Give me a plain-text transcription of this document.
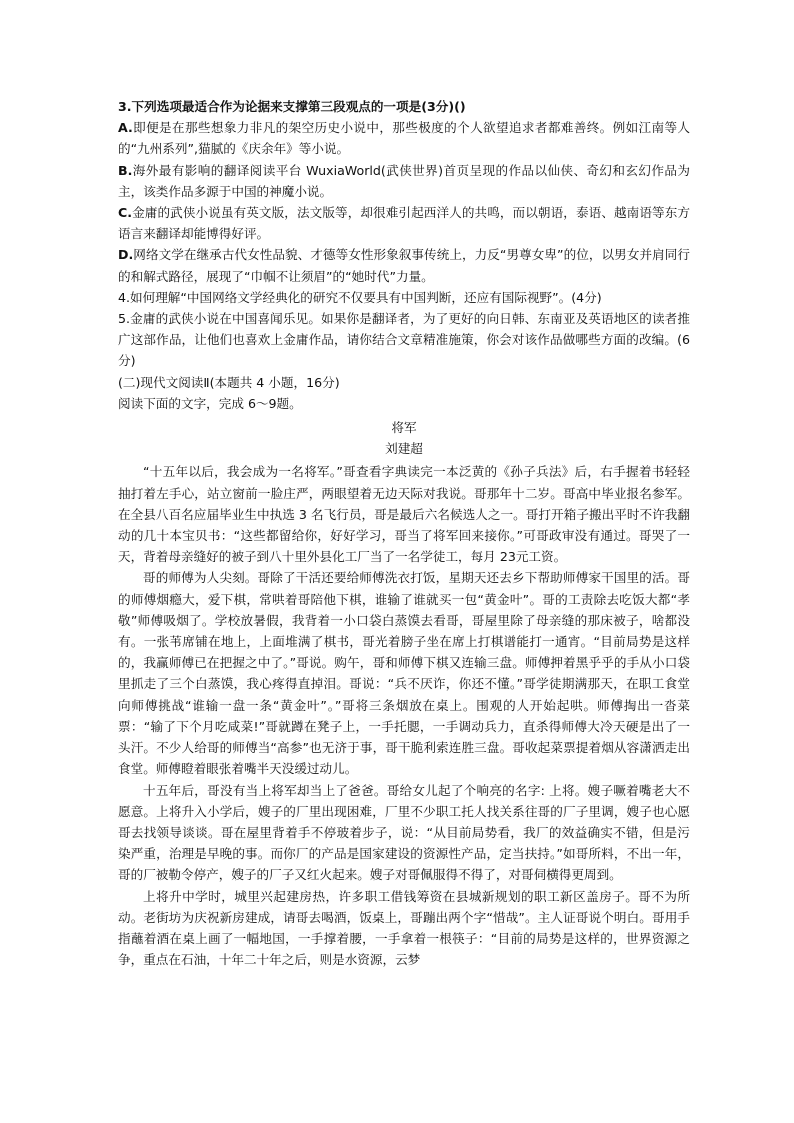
3.下列选项最适合作为论据来支撑第三段观点的一项是(3分)()

A.即便是在那些想象力非凡的架空历史小说中，那些极度的个人欲望追求者都难善终。例如江南等人的“九州系列”,猫腻的《庆余年》等小说。

B.海外最有影响的翻译阅读平台 WuxiaWorld(武侠世界)首页呈现的作品以仙侠、奇幻和玄幻作品为主，该类作品多源于中国的神魔小说。

C.金庸的武侠小说虽有英文版，法文版等，却很难引起西洋人的共鸣，而以朝语，泰语、越南语等东方语言来翻译却能博得好评。

D.网络文学在继承古代女性品貌、才德等女性形象叙事传统上，力反“男尊女卑”的位，以男女并肩同行的和解式路径，展现了“巾帼不让须眉”的“她时代”力量。

4.如何理解“中国网络文学经典化的研究不仅要具有中国判断，还应有国际视野”。(4分)

5.金庸的武侠小说在中国喜闻乐见。如果你是翻译者，为了更好的向日韩、东南亚及英语地区的读者推广这部作品，让他们也喜欢上金庸作品，请你结合文章精准施策，你会对该作品做哪些方面的改编。(6分)

(二)现代文阅读Ⅱ(本题共 4 小题，16分)

阅读下面的文字，完成 6～9题。

将军

刘建超

“十五年以后，我会成为一名将军。”哥查看字典读完一本泛黄的《孙子兵法》后，右手握着书轻轻抽打着左手心，站立窗前一脸庄严，两眼望着无边天际对我说。哥那年十二岁。哥高中毕业报名参军。在全县八百名应届毕业生中执选 3 名飞行员，哥是最后六名候选人之一。哥打开箱子搬出平时不许我翻动的几十本宝贝书：“这些都留给你，好好学习，哥当了将军回来接你。”可哥政审没有通过。哥哭了一天，背着母亲缝好的被子到八十里外县化工厂当了一名学徒工，每月 23元工资。

哥的师傅为人尖刻。哥除了干活还要给师傅洗衣打饭，星期天还去乡下帮助师傅家干国里的活。哥的师傅烟瘾大，爱下棋，常哄着哥陪他下棋，谁输了谁就买一包“黄金叶”。哥的工责除去吃饭大都“孝敬”师傅吸烟了。学校放暑假，我背着一小口袋白蒸馍去看哥，哥屋里除了母亲缝的那床被子，啥都没有。一张苇席铺在地上，上面堆满了棋书，哥光着膀子坐在席上打棋谱能打一通宵。“目前局势是这样的，我赢师傅已在把握之中了。”哥说。购午，哥和师傅下棋又连输三盘。师傅押着黑乎乎的手从小口袋里抓走了三个白蒸馍，我心疼得直掉泪。哥说：“兵不厌诈，你还不懂。”哥学徒期满那天，在职工食堂向师傅挑战“谁输一盘一条“黄金叶”。”哥将三条烟放在桌上。围观的人开始起哄。师傅掏出一沓菜票：“输了下个月吃咸菜!”哥就蹲在凳子上，一手托腮，一手调动兵力，直杀得师傅大冷天硬是出了一头汗。不少人给哥的师傅当“高参”也无济于事，哥干脆利索连胜三盘。哥收起菜票提着烟从容潇洒走出食堂。师傅瞪着眼张着嘴半天没缓过动儿。

十五年后，哥没有当上将军却当上了爸爸。哥给女儿起了个响亮的名字: 上将。嫂子噘着嘴老大不愿意。上将升入小学后，嫂子的厂里出现困难，厂里不少职工托人找关系往哥的厂子里调，嫂子也心愿哥去找领导谈谈。哥在屋里背着手不停玻着步子，说：“从目前局势看，我厂的效益确实不错，但是污染严重，治理是早晚的事。而你厂的产品是国家建设的资源性产品，定当扶持。”如哥所料，不出一年，哥的厂被勒令停产，嫂子的厂子又红火起来。嫂子对哥佩服得不得了，对哥伺横得更周到。

上将升中学时，城里兴起建房热，许多职工借钱筹资在县城新规划的职工新区盖房子。哥不为所动。老街坊为庆祝新房建成，请哥去喝酒，饭桌上，哥蹦出两个字“惜哉”。主人证哥说个明白。哥用手指蘸着酒在桌上画了一幅地国，一手撑着腰，一手拿着一根筷子：“目前的局势是这样的，世界资源之争，重点在石油，十年二十年之后，则是水资源，云梦
